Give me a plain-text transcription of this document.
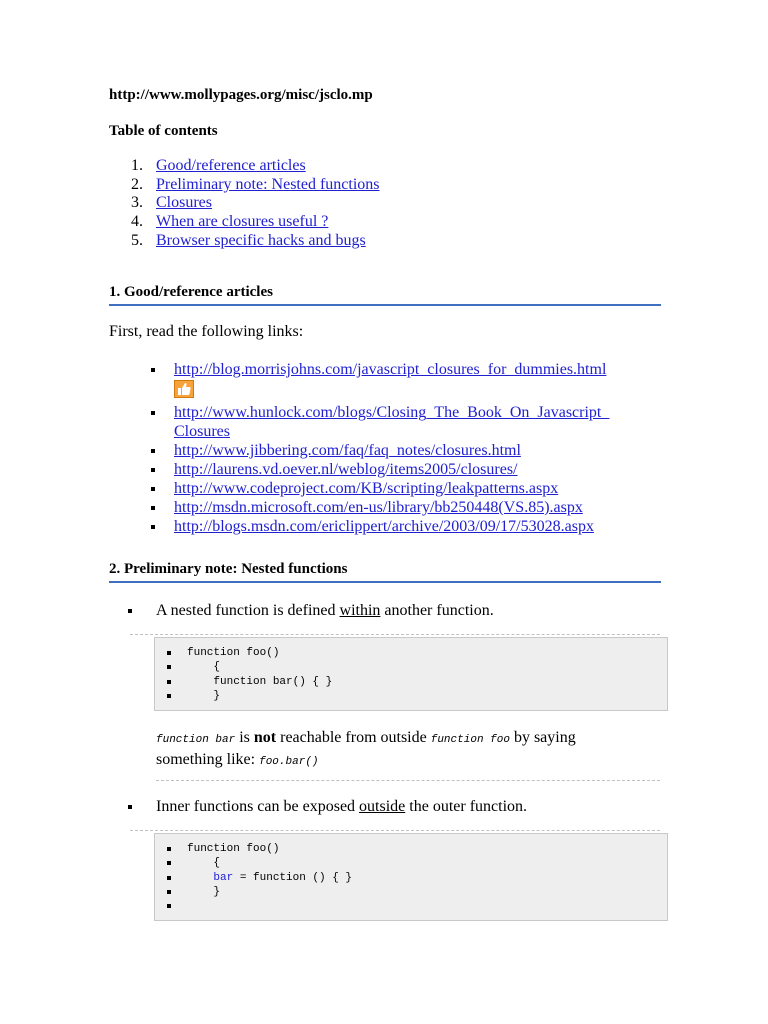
http://www.mollypages.org/misc/jsclo.mp
Table of contents
1. Good/reference articles
2. Preliminary note: Nested functions
3. Closures
4. When are closures useful ?
5. Browser specific hacks and bugs
1. Good/reference articles
First, read the following links:
http://blog.morrisjohns.com/javascript_closures_for_dummies.html

http://www.hunlock.com/blogs/Closing_The_Book_On_Javascript_
Closures
http://www.jibbering.com/faq/faq_notes/closures.html
http://laurens.vd.oever.nl/weblog/items2005/closures/
http://www.codeproject.com/KB/scripting/leakpatterns.aspx
http://msdn.microsoft.com/en-us/library/bb250448(VS.85).aspx
http://blogs.msdn.com/ericlippert/archive/2003/09/17/53028.aspx
2. Preliminary note: Nested functions
A nested function is defined within another function.
function foo()
{
function bar() { }
}
function bar is not reachable from outside function foo by saying something like: foo.bar()
Inner functions can be exposed outside the outer function.
function foo()
{
bar = function () { }
}
